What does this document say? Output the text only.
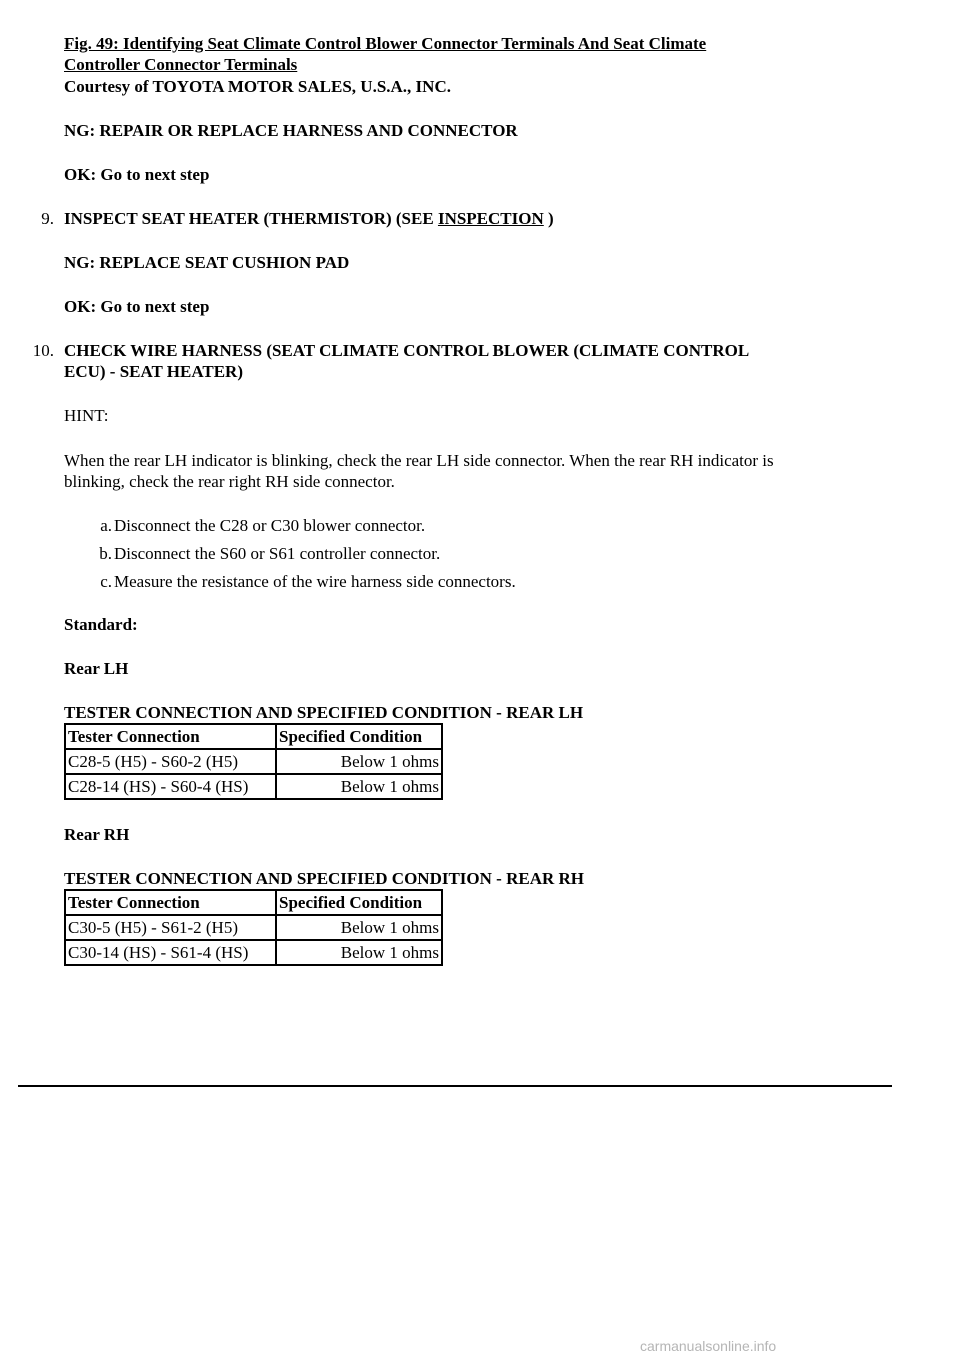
Fig. 49: Identifying Seat Climate Control Blower Connector Terminals And Seat Climate
Controller Connector Terminals
Courtesy of TOYOTA MOTOR SALES, U.S.A., INC.
NG: REPAIR OR REPLACE HARNESS AND CONNECTOR
OK: Go to next step
9. INSPECT SEAT HEATER (THERMISTOR) (SEE INSPECTION )
NG: REPLACE SEAT CUSHION PAD
OK: Go to next step
10. CHECK WIRE HARNESS (SEAT CLIMATE CONTROL BLOWER (CLIMATE CONTROL
ECU) - SEAT HEATER)
HINT:
When the rear LH indicator is blinking, check the rear LH side connector. When the rear RH indicator is
blinking, check the rear right RH side connector.
a. Disconnect the C28 or C30 blower connector.
b. Disconnect the S60 or S61 controller connector.
c. Measure the resistance of the wire harness side connectors.
Standard:
Rear LH
TESTER CONNECTION AND SPECIFIED CONDITION - REAR LH
Tester Connection	Specified Condition
C28-5 (H5) - S60-2 (H5)	Below 1 ohms
C28-14 (HS) - S60-4 (HS)	Below 1 ohms
Rear RH
TESTER CONNECTION AND SPECIFIED CONDITION - REAR RH
Tester Connection	Specified Condition
C30-5 (H5) - S61-2 (H5)	Below 1 ohms
C30-14 (HS) - S61-4 (HS)	Below 1 ohms
carmanualsonline.info
